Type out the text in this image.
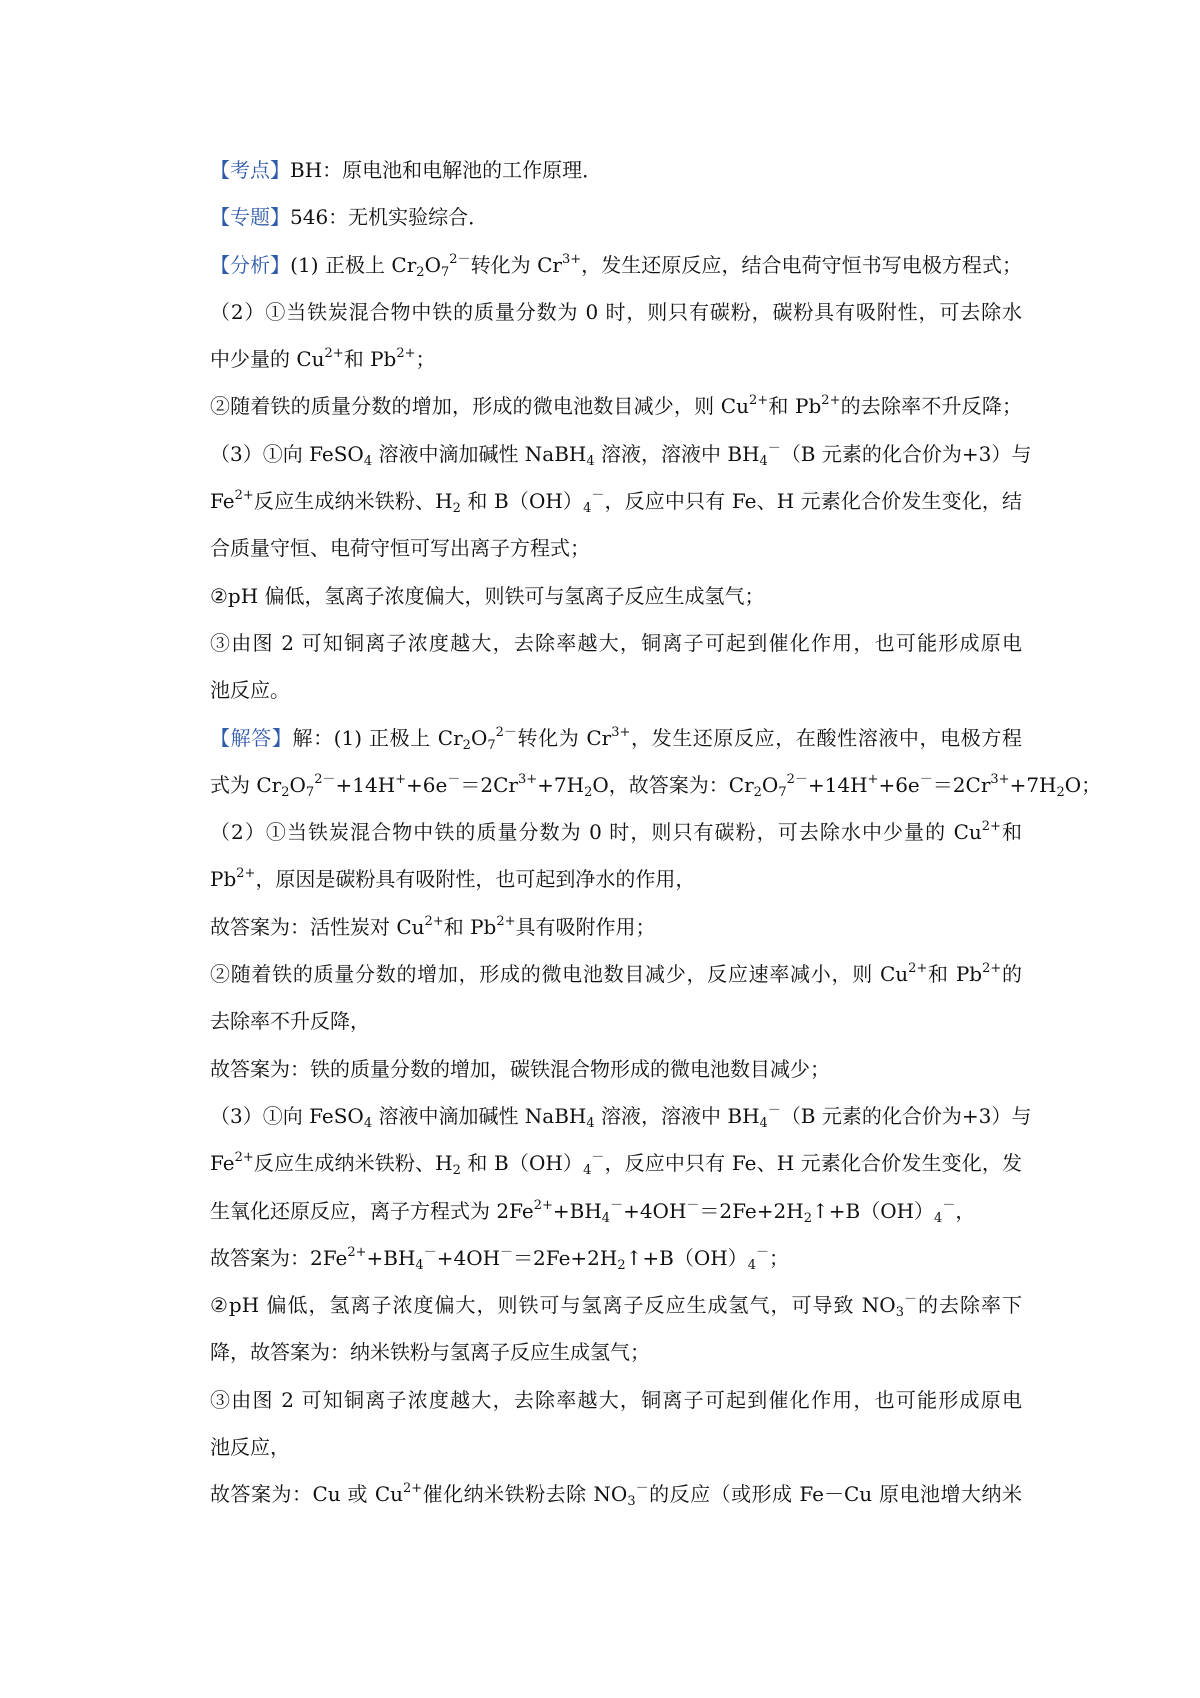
【考点】BH：原电池和电解池的工作原理．
【专题】546：无机实验综合．
【分析】(1) 正极上 $Cr_2O_7^{2-}$转化为 $Cr^{3+}$，发生还原反应，结合电荷守恒书写电极方程式；
（2）①当铁炭混合物中铁的质量分数为 0 时，则只有碳粉，碳粉具有吸附性，可去除水
中少量的 $Cu^{2+}$和 $Pb^{2+}$；
②随着铁的质量分数的增加，形成的微电池数目减少，则 $Cu^{2+}$和 $Pb^{2+}$的去除率不升反降；
（3）①向 FeSO$_4$ 溶液中滴加碱性 NaBH$_4$ 溶液，溶液中 $BH_4^-(B$ 元素的化合价为+3）与
$Fe^{2+}$反应生成纳米铁粉、$H_2$ 和 $B(OH)_4^-$，反应中只有 Fe、H 元素化合价发生变化，结
合质量守恒、电荷守恒可写出离子方程式；
②pH 偏低，氢离子浓度偏大，则铁可与氢离子反应生成氢气；
③由图 2 可知铜离子浓度越大，去除率越大，铜离子可起到催化作用，也可能形成原电
池反应。
【解答】解：(1) 正极上 $Cr_2O_7^{2-}$转化为 $Cr^{3+}$，发生还原反应，在酸性溶液中，电极方程
式为 $Cr_2O_7^{2-}+14H^++6e^-=2Cr^{3+}+7H_2O$，故答案为：$Cr_2O_7^{2-}+14H^++6e^-=2Cr^{3+}+7H_2O$；
（2）①当铁炭混合物中铁的质量分数为 0 时，则只有碳粉，可去除水中少量的 $Cu^{2+}$和
$Pb^{2+}$，原因是碳粉具有吸附性，也可起到净水的作用，
故答案为：活性炭对 $Cu^{2+}$和 $Pb^{2+}$具有吸附作用；
②随着铁的质量分数的增加，形成的微电池数目减少，反应速率减小，则 $Cu^{2+}$和 $Pb^{2+}$的
去除率不升反降，
故答案为：铁的质量分数的增加，碳铁混合物形成的微电池数目减少；
（3）①向 FeSO$_4$ 溶液中滴加碱性 NaBH$_4$ 溶液，溶液中 $BH_4^-(B$ 元素的化合价为+3）与
$Fe^{2+}$反应生成纳米铁粉、$H_2$ 和 $B(OH)_4^-$，反应中只有 Fe、H 元素化合价发生变化，发
生氧化还原反应，离子方程式为 $2Fe^{2+}+BH_4^-+4OH^-=2Fe+2H_2↑+B(OH)_4^-$，
故答案为：$2Fe^{2+}+BH_4^-+4OH^-=2Fe+2H_2↑+B(OH)_4^-$；
②pH 偏低，氢离子浓度偏大，则铁可与氢离子反应生成氢气，可导致 $NO_3^-$的去除率下
降，故答案为：纳米铁粉与氢离子反应生成氢气；
③由图 2 可知铜离子浓度越大，去除率越大，铜离子可起到催化作用，也可能形成原电
池反应，
故答案为：Cu 或 $Cu^{2+}$催化纳米铁粉去除 $NO_3^-$的反应（或形成 Fe－Cu 原电池增大纳米
